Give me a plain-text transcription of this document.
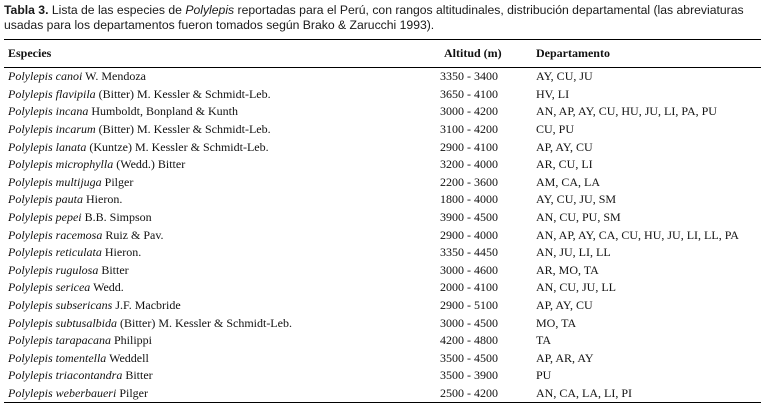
Tabla 3. Lista de las especies de Polylepis reportadas para el Perú, con rangos altitudinales, distribución departamental (las abreviaturas usadas para los departamentos fueron tomados según Brako & Zarucchi 1993).
Especies	Altitud (m)	Departamento
Polylepis canoi W. Mendoza	3350 - 3400	AY, CU, JU
Polylepis flavipila (Bitter) M. Kessler & Schmidt-Leb.	3650 - 4100	HV, LI
Polylepis incana Humboldt, Bonpland & Kunth	3000 - 4200	AN, AP, AY, CU, HU, JU, LI, PA, PU
Polylepis incarum (Bitter) M. Kessler & Schmidt-Leb.	3100 - 4200	CU, PU
Polylepis lanata (Kuntze) M. Kessler & Schmidt-Leb.	2900 - 4100	AP, AY, CU
Polylepis microphylla (Wedd.) Bitter	3200 - 4000	AR, CU, LI
Polylepis multijuga Pilger	2200 - 3600	AM, CA, LA
Polylepis pauta Hieron.	1800 - 4000	AY, CU, JU, SM
Polylepis pepei B.B. Simpson	3900 - 4500	AN, CU, PU, SM
Polylepis racemosa Ruiz & Pav.	2900 - 4000	AN, AP, AY, CA, CU, HU, JU, LI, LL, PA
Polylepis reticulata Hieron.	3350 - 4450	AN, JU, LI, LL
Polylepis rugulosa Bitter	3000 - 4600	AR, MO, TA
Polylepis sericea Wedd.	2000 - 4100	AN, CU, JU, LL
Polylepis subsericans J.F. Macbride	2900 - 5100	AP, AY, CU
Polylepis subtusalbida (Bitter) M. Kessler & Schmidt-Leb.	3000 - 4500	MO, TA
Polylepis tarapacana Philippi	4200 - 4800	TA
Polylepis tomentella Weddell	3500 - 4500	AP, AR, AY
Polylepis triacontandra Bitter	3500 - 3900	PU
Polylepis weberbaueri Pilger	2500 - 4200	AN, CA, LA, LI, PI
